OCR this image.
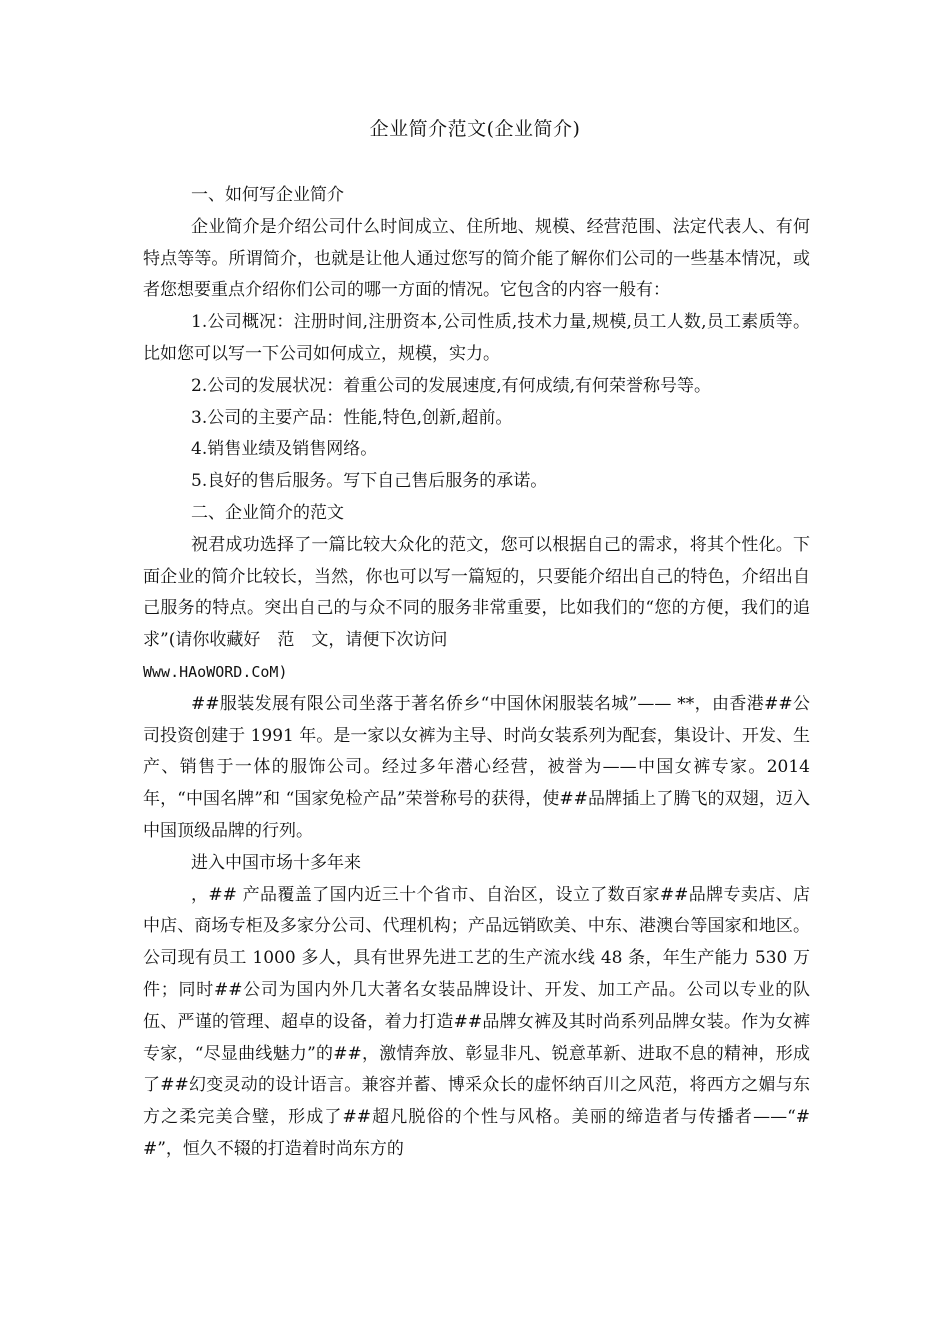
企业简介范文(企业简介)

一、如何写企业简介

企业简介是介绍公司什么时间成立、住所地、规模、经营范围、法定代表人、有何特点等等。所谓简介，也就是让他人通过您写的简介能了解你们公司的一些基本情况，或者您想要重点介绍你们公司的哪一方面的情况。它包含的内容一般有：

1.公司概况：注册时间,注册资本,公司性质,技术力量,规模,员工人数,员工素质等。比如您可以写一下公司如何成立，规模，实力。

2.公司的发展状况：着重公司的发展速度,有何成绩,有何荣誉称号等。

3.公司的主要产品：性能,特色,创新,超前。

4.销售业绩及销售网络。

5.良好的售后服务。写下自己售后服务的承诺。

二、企业简介的范文

祝君成功选择了一篇比较大众化的范文，您可以根据自己的需求，将其个性化。下面企业的简介比较长，当然，你也可以写一篇短的，只要能介绍出自己的特色，介绍出自己服务的特点。突出自己的与众不同的服务非常重要，比如我们的“您的方便，我们的追求”(请你收藏好　范　文，请便下次访问

Www.HAoWORD.CoM)

##服装发展有限公司坐落于著名侨乡“中国休闲服装名城”—— **，由香港##公司投资创建于 1991 年。是一家以女裤为主导、时尚女装系列为配套，集设计、开发、生产、销售于一体的服饰公司。经过多年潜心经营，被誉为——中国女裤专家。2014 年，“中国名牌”和 “国家免检产品”荣誉称号的获得，使##品牌插上了腾飞的双翅，迈入中国顶级品牌的行列。

进入中国市场十多年来

，## 产品覆盖了国内近三十个省市、自治区，设立了数百家##品牌专卖店、店中店、商场专柜及多家分公司、代理机构；产品远销欧美、中东、港澳台等国家和地区。公司现有员工 1000 多人，具有世界先进工艺的生产流水线 48 条，年生产能力 530 万件；同时##公司为国内外几大著名女装品牌设计、开发、加工产品。公司以专业的队伍、严谨的管理、超卓的设备，着力打造##品牌女裤及其时尚系列品牌女装。作为女裤专家，“尽显曲线魅力”的##，激情奔放、彰显非凡、锐意革新、进取不息的精神，形成了##幻变灵动的设计语言。兼容并蓄、博采众长的虚怀纳百川之风范，将西方之媚与东方之柔完美合璧，形成了##超凡脱俗的个性与风格。美丽的缔造者与传播者——“##”，恒久不辍的打造着时尚东方的
